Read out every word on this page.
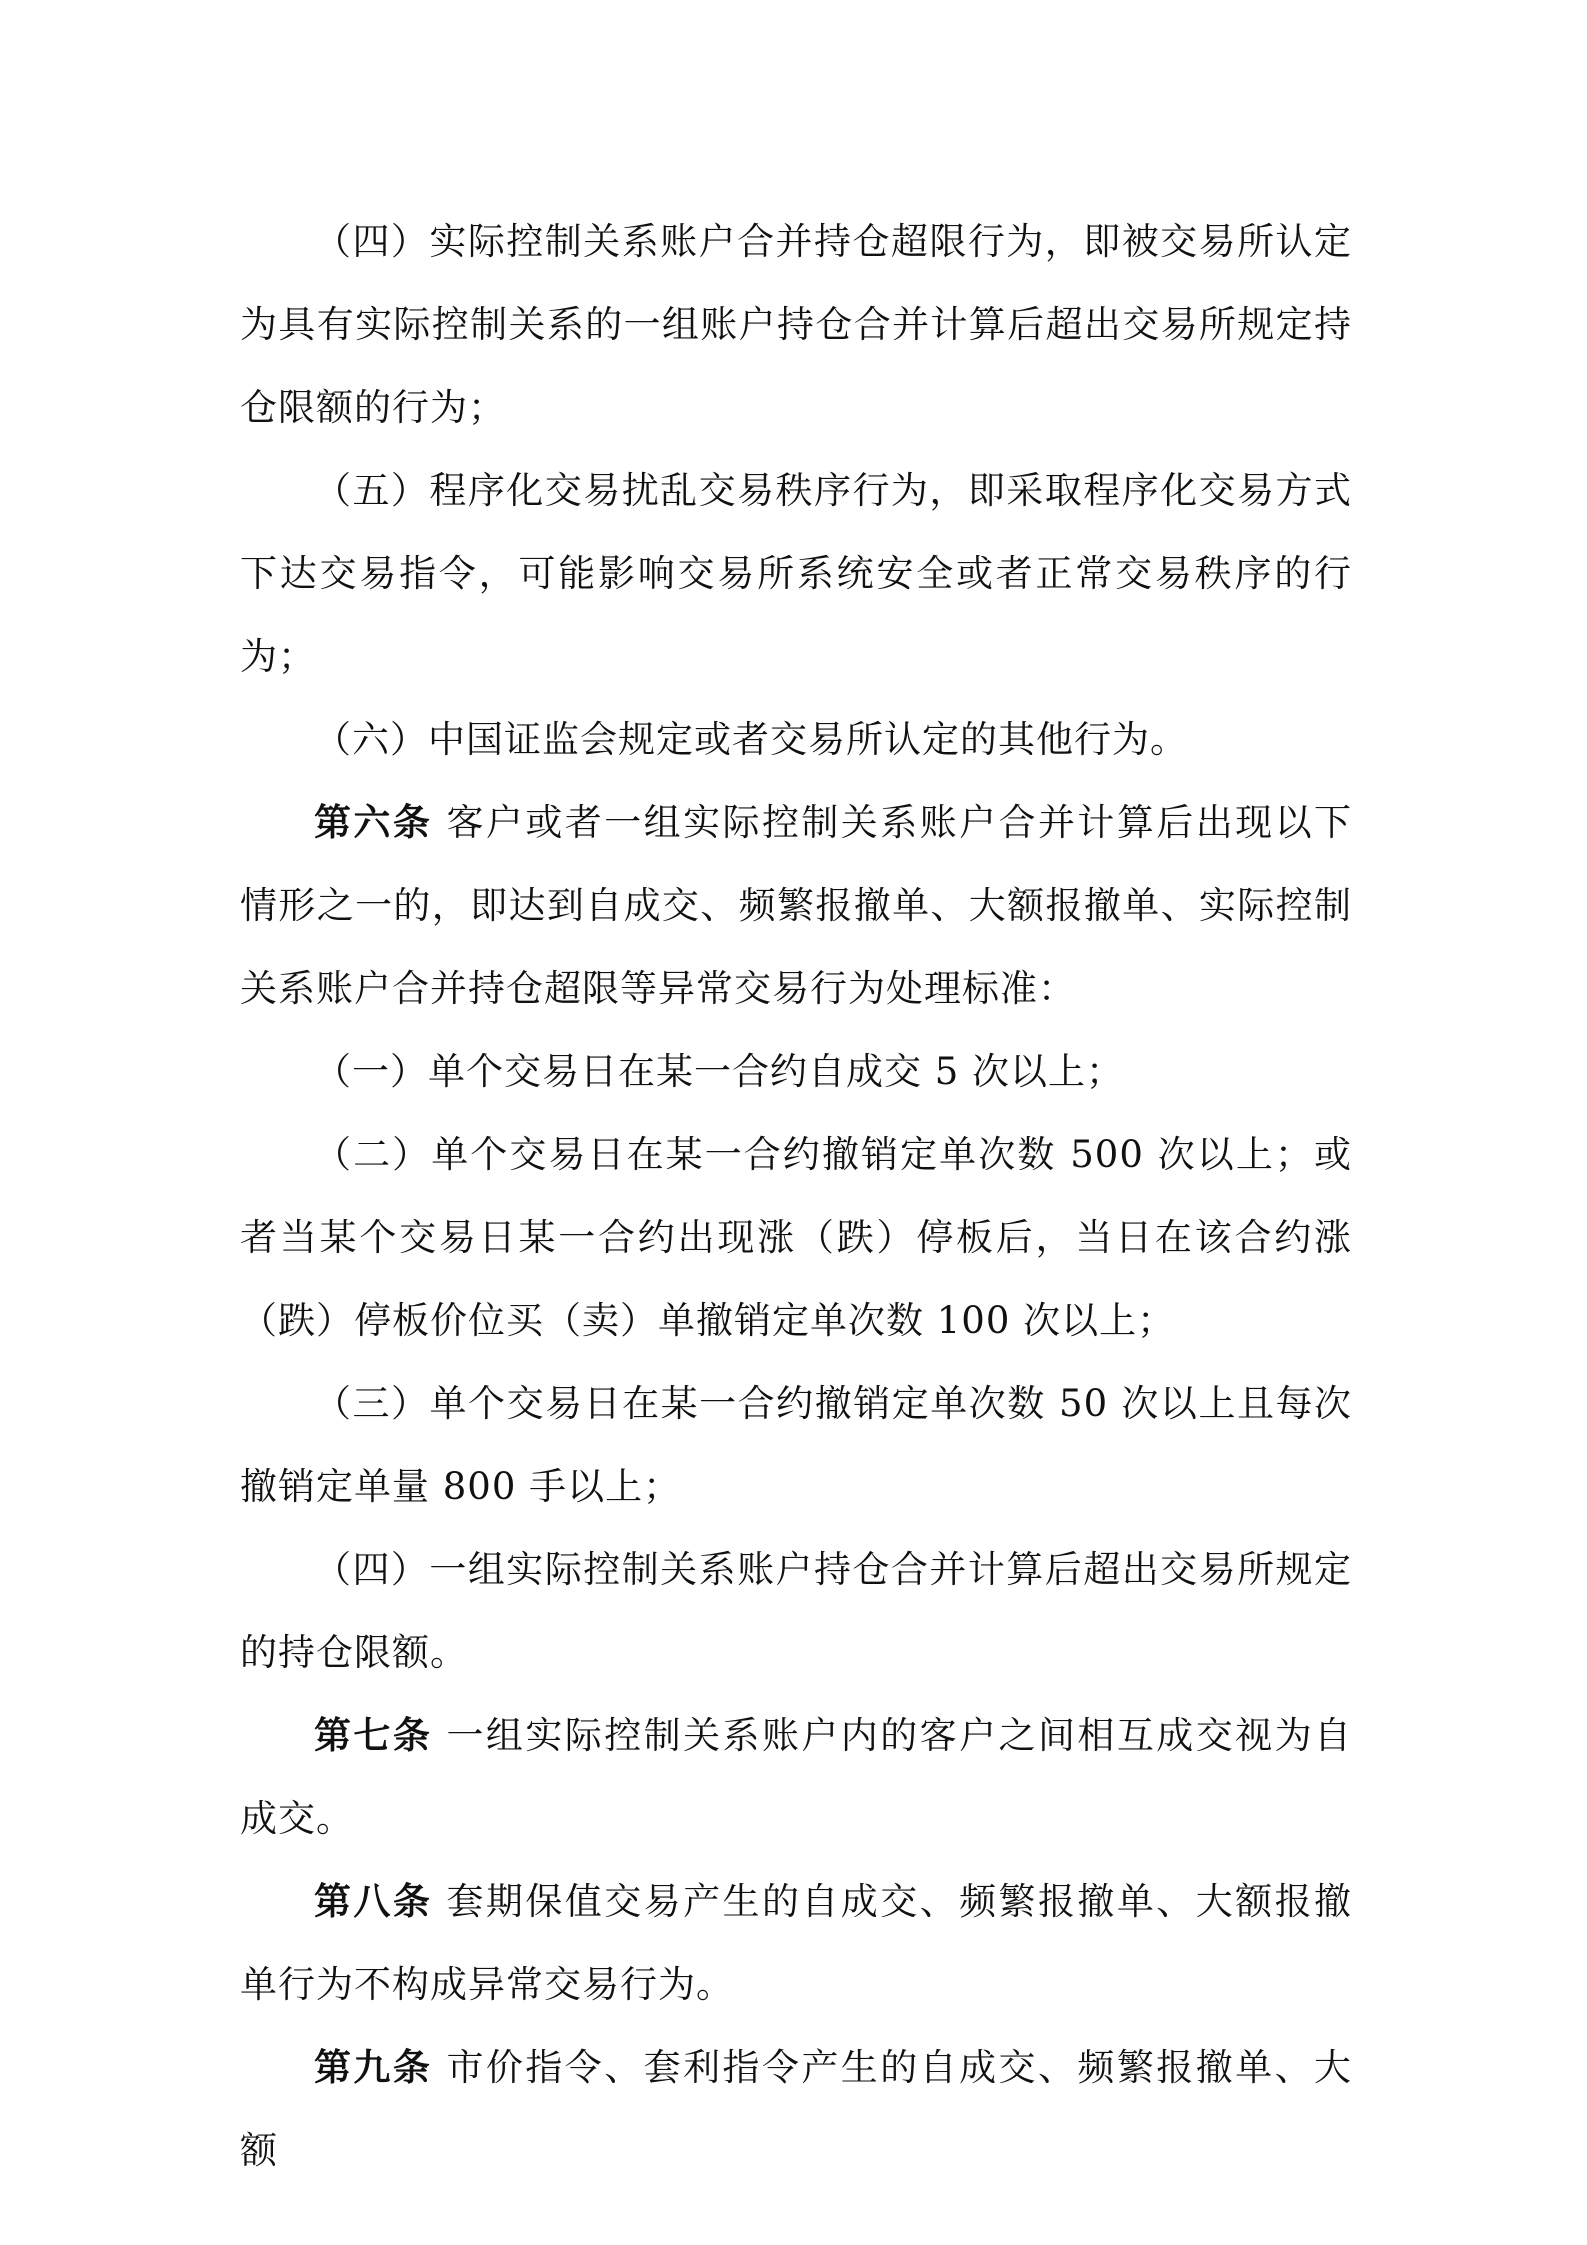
（四）实际控制关系账户合并持仓超限行为，即被交易所认定为具有实际控制关系的一组账户持仓合并计算后超出交易所规定持仓限额的行为；

（五）程序化交易扰乱交易秩序行为，即采取程序化交易方式下达交易指令，可能影响交易所系统安全或者正常交易秩序的行为；

（六）中国证监会规定或者交易所认定的其他行为。

第六条 客户或者一组实际控制关系账户合并计算后出现以下情形之一的，即达到自成交、频繁报撤单、大额报撤单、实际控制关系账户合并持仓超限等异常交易行为处理标准：

（一）单个交易日在某一合约自成交 5 次以上；

（二）单个交易日在某一合约撤销定单次数 500 次以上；或者当某个交易日某一合约出现涨（跌）停板后，当日在该合约涨（跌）停板价位买（卖）单撤销定单次数 100 次以上；

（三）单个交易日在某一合约撤销定单次数 50 次以上且每次撤销定单量 800 手以上；

（四）一组实际控制关系账户持仓合并计算后超出交易所规定的持仓限额。

第七条 一组实际控制关系账户内的客户之间相互成交视为自成交。

第八条 套期保值交易产生的自成交、频繁报撤单、大额报撤单行为不构成异常交易行为。

第九条 市价指令、套利指令产生的自成交、频繁报撤单、大额
